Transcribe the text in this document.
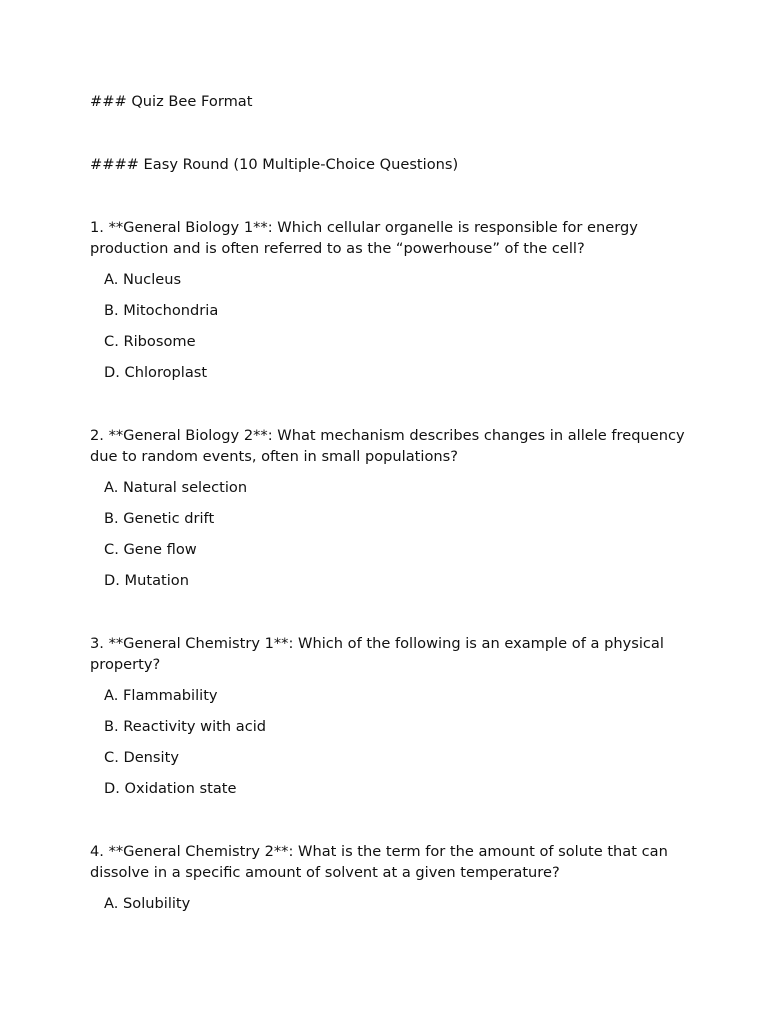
### Quiz Bee Format

#### Easy Round (10 Multiple-Choice Questions)

1. **General Biology 1**: Which cellular organelle is responsible for energy production and is often referred to as the “powerhouse” of the cell?

A. Nucleus

B. Mitochondria

C. Ribosome

D. Chloroplast

2. **General Biology 2**: What mechanism describes changes in allele frequency due to random events, often in small populations?

A. Natural selection

B. Genetic drift

C. Gene flow

D. Mutation

3. **General Chemistry 1**: Which of the following is an example of a physical property?

A. Flammability

B. Reactivity with acid

C. Density

D. Oxidation state

4. **General Chemistry 2**: What is the term for the amount of solute that can dissolve in a specific amount of solvent at a given temperature?

A. Solubility
